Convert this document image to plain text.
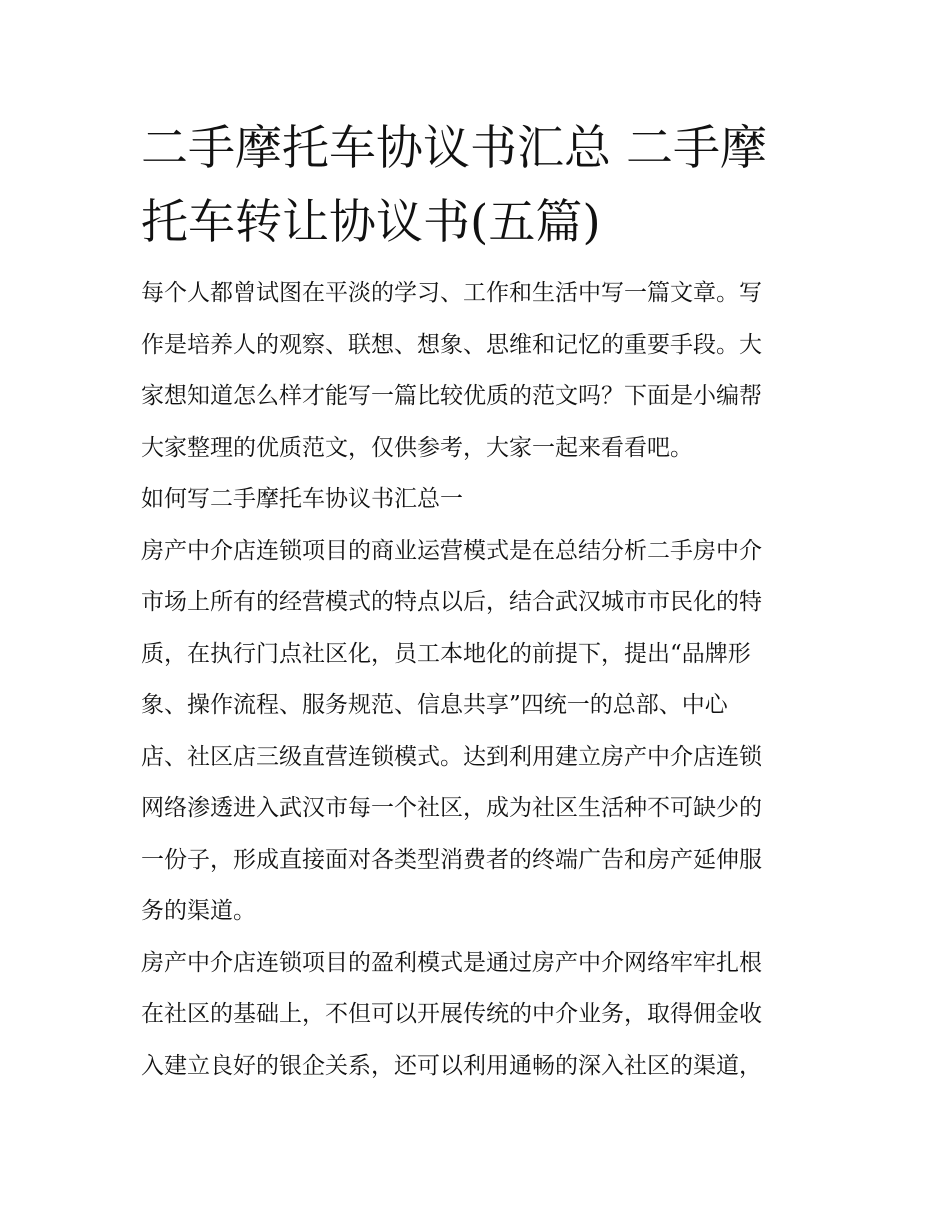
二手摩托车协议书汇总 二手摩
托车转让协议书(五篇)

每个人都曾试图在平淡的学习、工作和生活中写一篇文章。写
作是培养人的观察、联想、想象、思维和记忆的重要手段。大
家想知道怎么样才能写一篇比较优质的范文吗？下面是小编帮
大家整理的优质范文，仅供参考，大家一起来看看吧。

如何写二手摩托车协议书汇总一

房产中介店连锁项目的商业运营模式是在总结分析二手房中介
市场上所有的经营模式的特点以后，结合武汉城市市民化的特
质，在执行门点社区化，员工本地化的前提下，提出“品牌形
象、操作流程、服务规范、信息共享”四统一的总部、中心
店、社区店三级直营连锁模式。达到利用建立房产中介店连锁
网络渗透进入武汉市每一个社区，成为社区生活种不可缺少的
一份子，形成直接面对各类型消费者的终端广告和房产延伸服
务的渠道。

房产中介店连锁项目的盈利模式是通过房产中介网络牢牢扎根
在社区的基础上，不但可以开展传统的中介业务，取得佣金收
入建立良好的银企关系，还可以利用通畅的深入社区的渠道，
